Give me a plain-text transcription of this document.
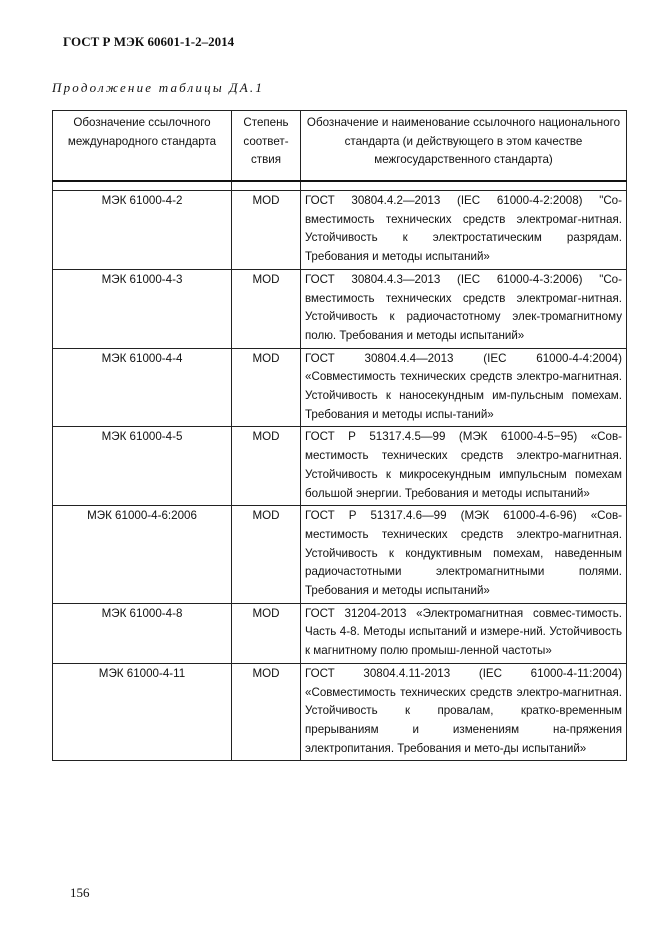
ГОСТ Р МЭК 60601-1-2–2014
Продолжение таблицы ДА.1
Обозначение ссылочного международного стандарта	Степень соответ-ствия	Обозначение и наименование ссылочного национального стандарта (и действующего в этом качестве межгосударственного стандарта)

МЭК 61000-4-2	MOD	ГОСТ 30804.4.2—2013 (IEC 61000-4-2:2008) "Со-вместимость технических средств электромаг-нитная. Устойчивость к электростатическим разрядам. Требования и методы испытаний»
МЭК 61000-4-3	MOD	ГОСТ 30804.4.3—2013 (IEC 61000-4-3:2006) "Со-вместимость технических средств электромаг-нитная. Устойчивость к радиочастотному элек-тромагнитному полю. Требования и методы испытаний»
МЭК 61000-4-4	MOD	ГОСТ 30804.4.4—2013 (IEC 61000-4-4:2004) «Совместимость технических средств электро-магнитная. Устойчивость к наносекундным им-пульсным помехам. Требования и методы испы-таний»
МЭК 61000-4-5	MOD	ГОСТ Р 51317.4.5—99 (МЭК 61000-4-5−95) «Сов-местимость технических средств электро-магнитная. Устойчивость к микросекундным импульсным помехам большой энергии. Требования и методы испытаний»
МЭК 61000-4-6:2006	MOD	ГОСТ Р 51317.4.6—99 (МЭК 61000-4-6-96) «Сов-местимость технических средств электро-магнитная. Устойчивость к кондуктивным помехам, наведенным радиочастотными электромагнитными полями. Требования и методы испытаний»
МЭК 61000-4-8	MOD	ГОСТ 31204-2013 «Электромагнитная совмес-тимость. Часть 4-8. Методы испытаний и измере-ний. Устойчивость к магнитному полю промыш-ленной частоты»
МЭК 61000-4-11	MOD	ГОСТ 30804.4.11-2013 (IEC 61000-4-11:2004) «Совместимость технических средств электро-магнитная. Устойчивость к провалам, кратко-временным прерываниям и изменениям на-пряжения электропитания. Требования и мето-ды испытаний»
156
